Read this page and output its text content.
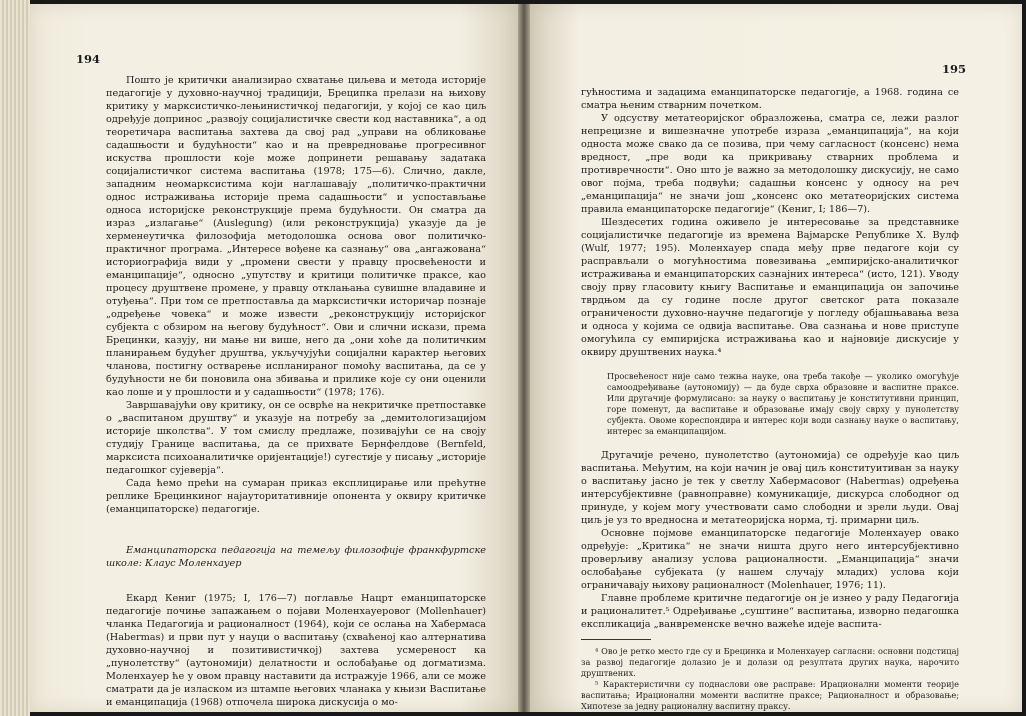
194
195

Пошто је критички анализирао схватање циљева и метода историје педагогије у духовно-научној традицији, Бреципка прелази на њихову критику у марксистичко-лењинистичкој педагогији, у којој се као циљ одређује допринос „развоју социјалистичке свести код наставника“, а од теоретичара васпитања захтева да свој рад „управи на обликовање садашњости и будућности“ као и на превредновање прогресивног искуства прошлости које може допринети решавању задатака социјалистичког система васпитања (1978; 175—6). Слично, дакле, западним неомарксистима који наглашавају „политичко-практични однос истраживања историје према садашњости“ и успостављање односа историјске реконструкције према будућности. Он сматра да израз „излагање“ (Auslegung) (или реконструкција) указује да је херменеутичка филозофија методолошка основа овог политичко-практичног програма. „Интересе вођене ка сазнању“ ова „ангажована“ историографија види у „промени свести у правцу просвећености и еманципације“, односно „упутству и критици политичке праксе, као процесу друштвене промене, у правцу отклањања сувишне владавине и отуђења“. При том се претпоставља да марксистички историчар познаје „одређење човека“ и може извести „реконструкцију историјског субјекта с обзиром на његову будућност“. Ови и слични искази, према Брецинки, казују, ни мање ни више, него да „они хоће да политичким планирањем будућег друштва, укључујући социјални карактер његових чланова, постигну остварење испланираног помоћу васпитања, да се у будућности не би поновила она збивања и прилике које су они оценили као лоше и у прошлости и у садашњости“ (1978; 176).

Завршавајући ову критику, он се осврће на некритичке претпоставке о „васпитаном друштву“ и указује на потребу за „демитологизацијом историје школства“. У том смислу предлаже, позивајући се на своју студију Границе васпитања, да се прихвате Бернфелдове (Bernfeld, марксиста психоаналитичке оријентације!) сугестије у писању „историје педагошког сујеверја“.

Сада ћемо прећи на сумаран приказ експлицирање или прећутне реплике Брецинкиног најауторитативније опонента у оквиру критичке (еманципаторске) педагогије.

Еманципаторска педагогија на темељу филозофије франкфуртске школе: Клаус Моленхауер

Екард Кениг (1975; I, 176—7) поглавље Нацрт еманципаторске педагогије почиње запажањем о појави Моленхауеровог (Mollenhauer) чланка Педагогија и рационалност (1964), који се ослања на Хабермаса (Habermas) и први пут у науци о васпитању (схваћеној као алтернатива духовно-научној и позитивистичкој) захтева усмереност ка „пунолетству“ (аутономији) делатности и ослобађање од догматизма. Моленхауер ће у овом правцу наставити да истражује 1966, али се може сматрати да је изласком из штампе његових чланака у књизи Васпитање и еманципација (1968) отпочела широка дискусија о мо-

гућностима и задацима еманципаторске педагогије, а 1968. година се сматра њеним стварним почетком.

У одсуству метатеоријског образложења, сматра се, лежи разлог непрецизне и вишезначне употребе израза „еманципација“, на који односта може свако да се позива, при чему сагласност (консенс) нема вредност, „пре води ка прикривању стварних проблема и противречности“. Оно што је важно за методолошку дискусију, не само овог појма, треба подвући; садашњи консенс у односу на реч „еманципација“ не значи још „консенс око метатеоријских система правила еманципаторске педагогије“ (Кениг, I; 186—7).

Шездесетих година оживело је интересовање за представнике социјалистичке педагогије из времена Вајмарске Републике Х. Вулф (Wulf, 1977; 195). Моленхауер спада међу прве педагоге који су расправљали о могућностима повезивања „емпиријско-аналитичког истраживања и еманципаторских сазнајних интереса“ (исто, 121). Уводу своју прву гласовиту књигу Васпитање и еманципација он започиње тврдњом да су године после другог светског рата показале ограничености духовно-научне педагогије у погледу објашњавања веза и односа у којима се одвија васпитање. Ова сазнања и нове приступе омогућила су емпиријска истраживања као и најновије дискусије у оквиру друштвених наука.⁴

Просвећеност није само тежња науке, она треба такође — уколико омогућује самоодређивање (аутономију) — да буде сврха образовне и васпитне праксе. Или другачије формулисано: за науку о васпитању је конститутивни принцип, горе поменут, да васпитање и образовање имају своју сврху у пунолетству субјекта. Овоме кореспондира и интерес који води сазнању науке о васпитању, интерес за еманципацијом.

Другачије речено, пунолетство (аутономија) се одређује као циљ васпитања. Међутим, на који начин је овај циљ конституитиван за науку о васпитању јасно је тек у светлу Хабермасовог (Habermas) одређења интерсубјективне (равноправне) комуникације, дискурса слободног од принуде, у којем могу учествовати само слободни и зрели људи. Овај циљ је уз то вредносна и метатеоријска норма, тј. примарни циљ.

Основне појмове еманципаторске педагогије Моленхауер овако одређује: „Критика“ не значи ништа друго него интерсубјективно проверљиву анализу услова рационалности. „Еманципација“ значи ослобађање субјеката (у нашем случају младих) услова који ограничавају њихову рационалност (Molenhauer, 1976; 11).

Главне проблеме критичне педагогије он је изнео у раду Педагогија и рационалитет.⁵ Одређивање „суштине“ васпитања, изворно педагошка експликација „ванвременске вечно важеће идеје васпита-

⁴ Ово је ретко место где су и Брецинка и Моленхауер сагласни: основни подстицај за развој педагогије долазио је и долази од резултата других наука, нарочито друштвених.

⁵ Карактеристични су поднаслови ове расправе: Ирационални моменти теорије васпитања; Ирационални моменти васпитне праксе; Рационалност и образовање; Хипотезе за једну рационалну васпитну праксу.
